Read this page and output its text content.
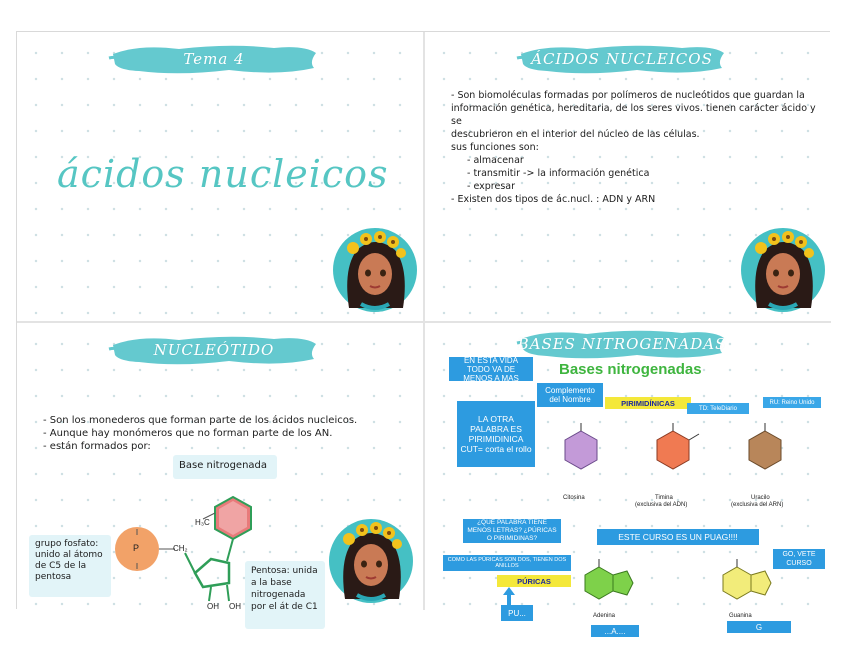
Tema 4
ácidos nucleicos
ÁCIDOS NUCLEICOS
- Son biomoléculas formadas por polímeros de nucleótidos que guardan la
información genética, hereditaria, de los seres vivos. tienen carácter ácido y se
descubrieron en el interior del núcleo de las células.
sus funciones son:
- almacenar
- transmitir -> la información genética
- expresar
- Existen dos tipos de ác.nucl. : ADN y ARN
NUCLEÓTIDO
- Son los monederos que forman parte de los ácidos nucleicos.
- Aunque hay monómeros que no forman parte de los AN.
- están formados por:
Base nitrogenada
P
H₃C
CH₂
OH OH
grupo fosfato: unido al átomo de C5 de la pentosa
Pentosa: unida a la base nitrogenada por el át de C1
BASES NITROGENADAS
EN ESTA VIDA TODO VA DE MENOS A MAS	Bases nitrogenadas
Complemento del Nombre
LA OTRA PALABRA ES PIRIMIDINICA CUT= corta el rollo
PIRIMIDÍNICAS
TD: TeleDiario
RU: Reino Unido
Citosina	Timina
(exclusiva del ADN)
Uracilo
(exclusiva del ARN)
¿QUÉ PALABRA TIENE MENOS LETRAS? ¿PÚRICAS O PIRIMIDINAS?	ESTE CURSO ES UN PUAG!!!!
COMO LAS PÚRICAS SON DOS, TIENEN DOS ANILLOS
GO, VETE CURSO
PÚRICAS
PU...	Adenina	Guanina
...A....	G
